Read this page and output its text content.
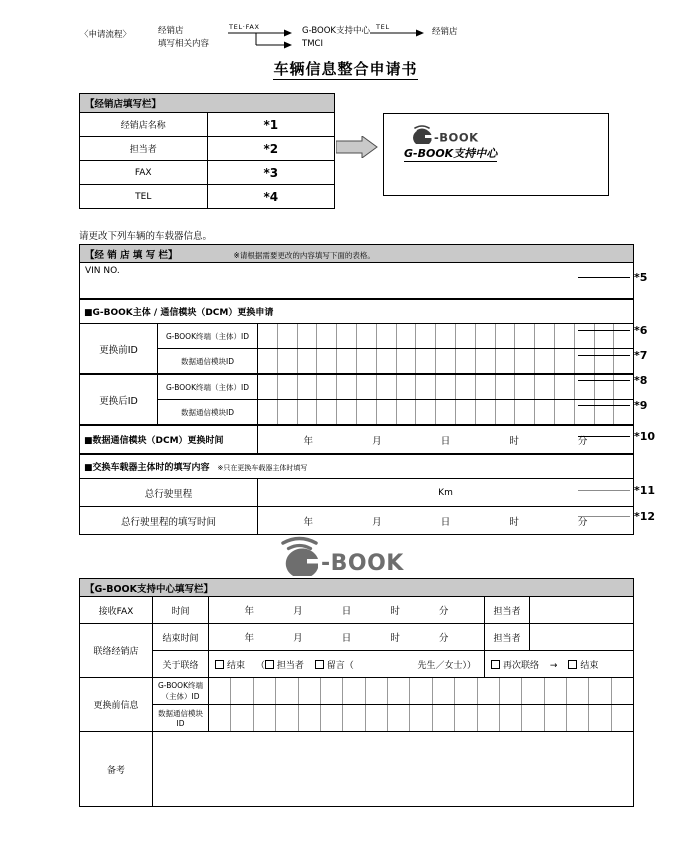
〈申请流程〉	经销店
填写相关内容
TEL·FAX	G-BOOK支持中心
TMCI
TEL	经销店
车辆信息整合申请书
【经销店填写栏】	
经销店名称	*1
担当者	*2
FAX	*3
TEL	*4
-BOOK
G-BOOK支持中心
请更改下列车辆的车载器信息。
【经 销 店 填 写 栏】 ※请根据需要更改的内容填写下面的表格。		
VIN NO.		
■G-BOOK主体 / 通信模块（DCM）更换申请		
更换前ID	G-BOOK终端（主体）ID	

	数据通信模块ID	

更换后ID	G-BOOK终端（主体）ID	

	数据通信模块ID	

■数据通信模块（DCM）更换时间		年 月 日 时 分

■交换车载器主体时的填写内容 ※只在更换车载器主体时填写		
总行驶里程		Km
总行驶里程的填写时间		年 月 日 时 分
*5
*6
*7
*8
*9
*10
*11
*12
-BOOK
【G-BOOK支持中心填写栏】				
接收FAX	时间	年 月 日 时 分	担当者	
联络经销店	结束时间	年 月 日 时 分	担当者	
	关于联络	结束 （ 担当者 留言（ 先生／女士））	再次联络 → 结束	
更换前信息	G-BOOK终端（主体）ID			

	数据通信模块 ID			

备考				
